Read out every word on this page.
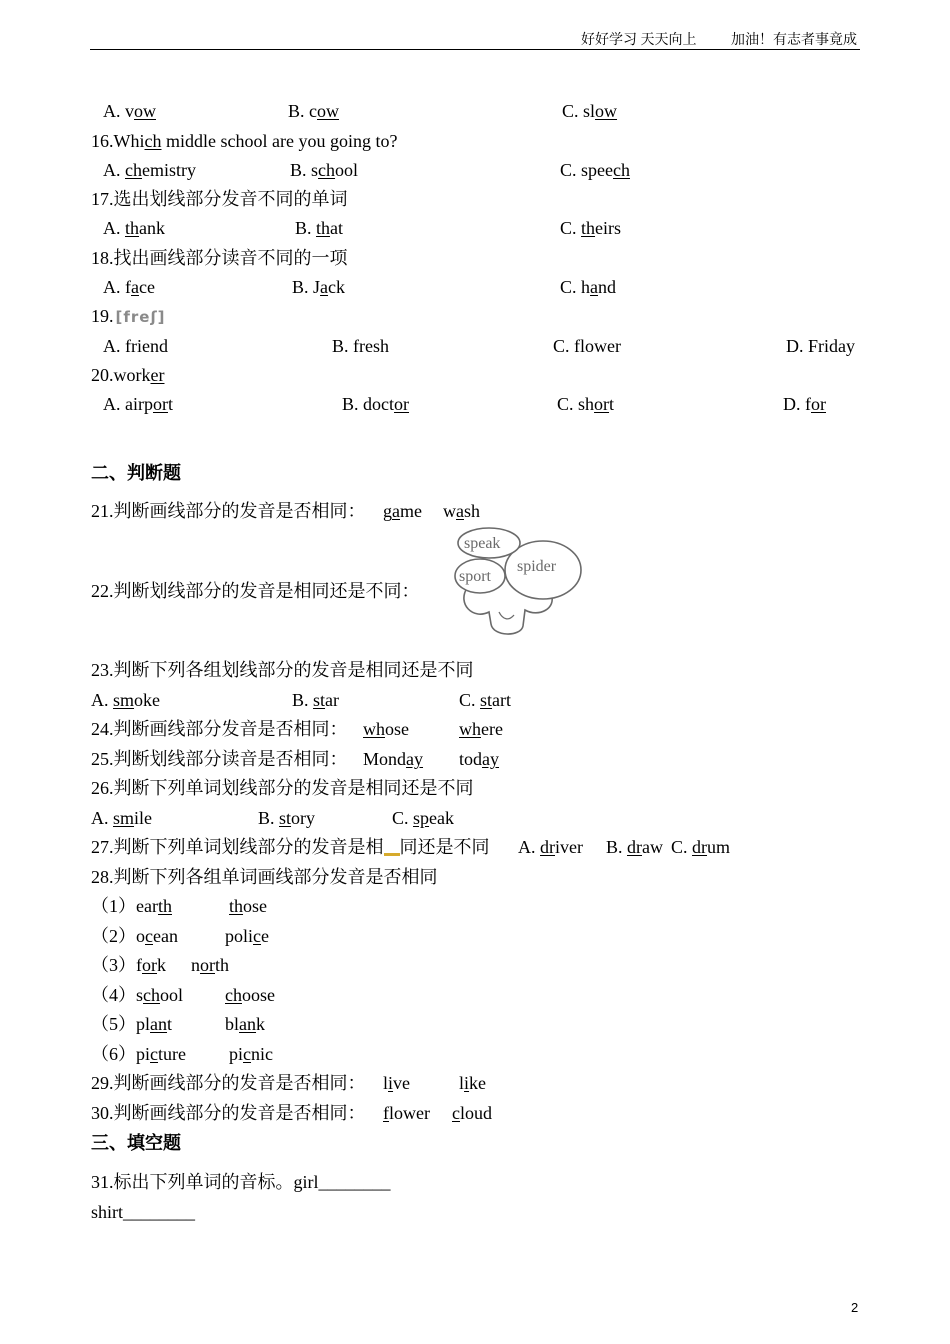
好好学习 天天向上 加油！有志者事竟成
A. vow	B. cow	C. slow
16.Which middle school are you going to?
A. chemistry	B. school	C. speech
17.选出划线部分发音不同的单词
A. thank	B. that	C. theirs
18.找出画线部分读音不同的一项
A. face	B. Jack	C. hand
19. [freʃ]
A. friend	B. fresh	C. flower	D. Friday
20.worker
A. airport	B. doctor	C. short	D. for
二、判断题
21.判断画线部分的发音是否相同： game wash
22.判断划线部分的发音是相同还是不同：
speak
sport
spider
23.判断下列各组划线部分的发音是相同还是不同
A. smoke	B. star	C. start
24.判断画线部分发音是否相同： whose	where
25.判断划线部分读音是否相同： Monday today
26.判断下列单词划线部分的发音是相同还是不同
A. smile	B. story	C. speak
27.判断下列单词划线部分的发音是相 同还是不同 A. driver B. draw C. drum
28.判断下列各组单词画线部分发音是否相同
（1）earth	those
（2）ocean	police
（3）fork north
（4）school choose
（5）plant	blank
（6）picture picnic
29.判断画线部分的发音是否相同： live	like
30.判断画线部分的发音是否相同： flower cloud
三、填空题
31.标出下列单词的音标。girl________
shirt________
2
